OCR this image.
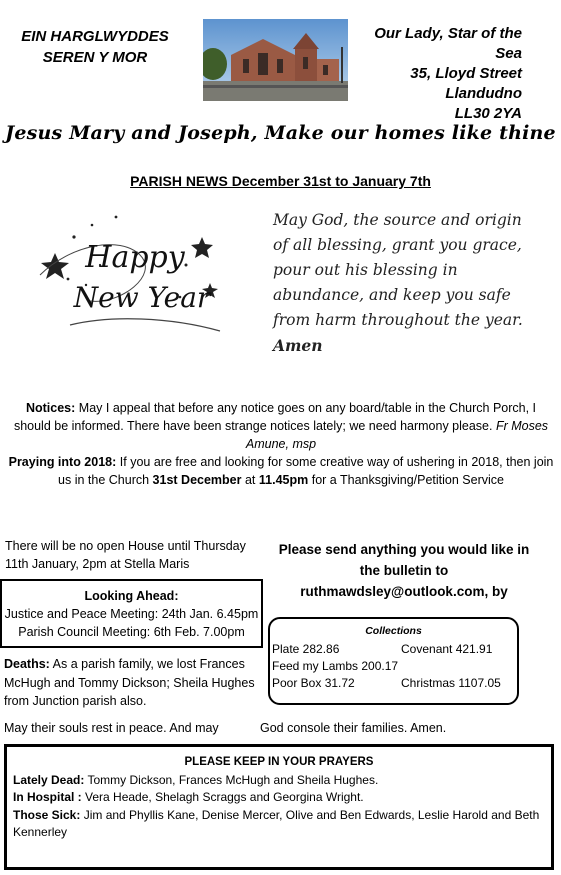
EIN HARGLWYDDES
SEREN Y MOR
Our Lady, Star of the Sea
35, Lloyd Street
Llandudno
LL30 2YA
Jesus Mary and Joseph, Make our homes like thine
PARISH NEWS December 31st to January 7th
Happy
New Year
May God, the source and origin of all blessing, grant you grace, pour out his blessing in abundance, and keep you safe from harm throughout the year. Amen
Notices: May I appeal that before any notice goes on any board/table in the Church Porch, I should be informed. There have been strange notices lately; we need harmony please. Fr Moses Amune, msp
Praying into 2018: If you are free and looking for some creative way of ushering in 2018, then join us in the Church 31st December at 11.45pm for a Thanksgiving/Petition Service
There will be no open House until Thursday 11th January, 2pm at Stella Maris
Please send anything you would like in the bulletin to ruthmawdsley@outlook.com, by
Looking Ahead:
Justice and Peace Meeting: 24th Jan. 6.45pm
Parish Council Meeting: 6th Feb. 7.00pm	Collections
Plate 282.86	Covenant 421.91
Feed my Lambs 200.17
Poor Box 31.72	Christmas 1107.05
Deaths: As a parish family, we lost Frances McHugh and Tommy Dickson; Sheila Hughes from Junction parish also.
May their souls rest in peace. And may	God console their families. Amen.
PLEASE KEEP IN YOUR PRAYERS
Lately Dead: Tommy Dickson, Frances McHugh and Sheila Hughes.
In Hospital : Vera Heade, Shelagh Scraggs and Georgina Wright.
Those Sick: Jim and Phyllis Kane, Denise Mercer, Olive and Ben Edwards, Leslie Harold and Beth Kennerley
